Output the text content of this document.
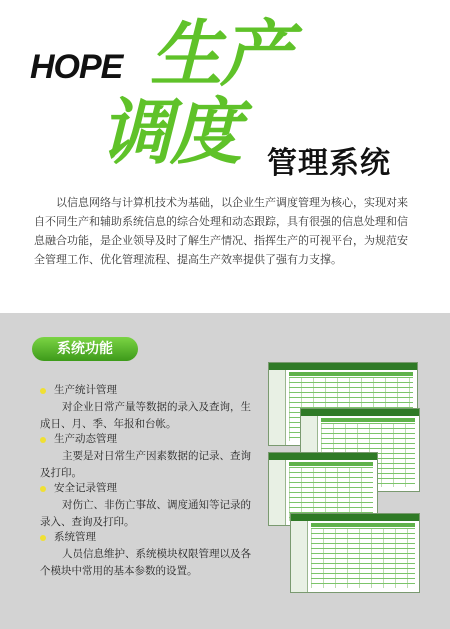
HOPE 生产
调度 管理系统
以信息网络与计算机技术为基础，以企业生产调度管理为核心，实现对来自不同生产和辅助系统信息的综合处理和动态跟踪，具有很强的信息处理和信息融合功能，是企业领导及时了解生产情况、指挥生产的可视平台，为规范安全管理工作、优化管理流程、提高生产效率提供了强有力支撑。
系统功能
生产统计管理
对企业日常产量等数据的录入及查询，生成日、月、季、年报和台帐。
生产动态管理
主要是对日常生产因素数据的记录、查询及打印。
安全记录管理
对伤亡、非伤亡事故、调度通知等记录的录入、查询及打印。
系统管理
人员信息维护、系统模块权限管理以及各个模块中常用的基本参数的设置。
